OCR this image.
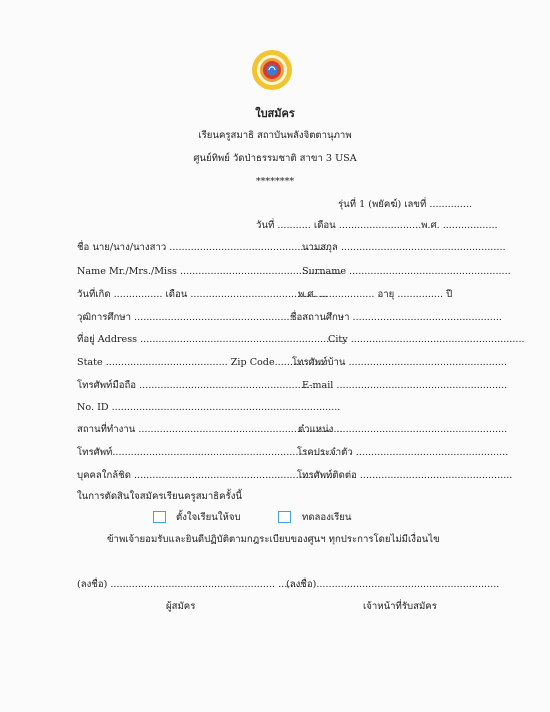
ใบสมัคร
เรียนครูสมาธิ สถาบันพลังจิตตานุภาพ
ศูนย์ทิพย์ วัดป่าธรรมชาติ สาขา 3 USA
********
รุ่นที่ 1 (พยัคฆ์) เลขที่ ..............
วันที่ ........... เดือน ...........................พ.ศ. ..................
ชื่อ นาย/นาง/นางสาว .....................................................
นามสกุล ......................................................
Name Mr./Mrs./Miss .....................................................
Surname .....................................................
วันที่เกิด ................ เดือน .............................................
พ.ศ. .................. อายุ ............... ปี
วุฒิการศึกษา ....................................................
ชื่อสถานศึกษา .................................................
ที่อยู่ Address ....................................................................
City .........................................................
State ........................................ Zip Code.................
โทรศัพท์บ้าน ....................................................
โทรศัพท์มือถือ ..........................................................
E-mail ........................................................
No. ID ...........................................................................
สถานที่ทำงาน ...................................................................
ตำแหน่ง ........................................................
โทรศัพท์..........................................................................
โรคประจำตัว ..................................................
บุคคลใกล้ชิด ..................................................................
โทรศัพท์ติดต่อ ..................................................
ในการตัดสินใจสมัครเรียนครูสมาธิครั้งนี้
ตั้งใจเรียนให้จบ	ทดลองเรียน
ข้าพเจ้ายอมรับและยินดีปฏิบัติตามกฎระเบียบของศูนฯ ทุกประการโดยไม่มีเงื่อนไข
(ลงชื่อ) ...................................................... .........
(ลงชื่อ)............................................................
ผู้สมัคร	เจ้าหน้าที่รับสมัคร
